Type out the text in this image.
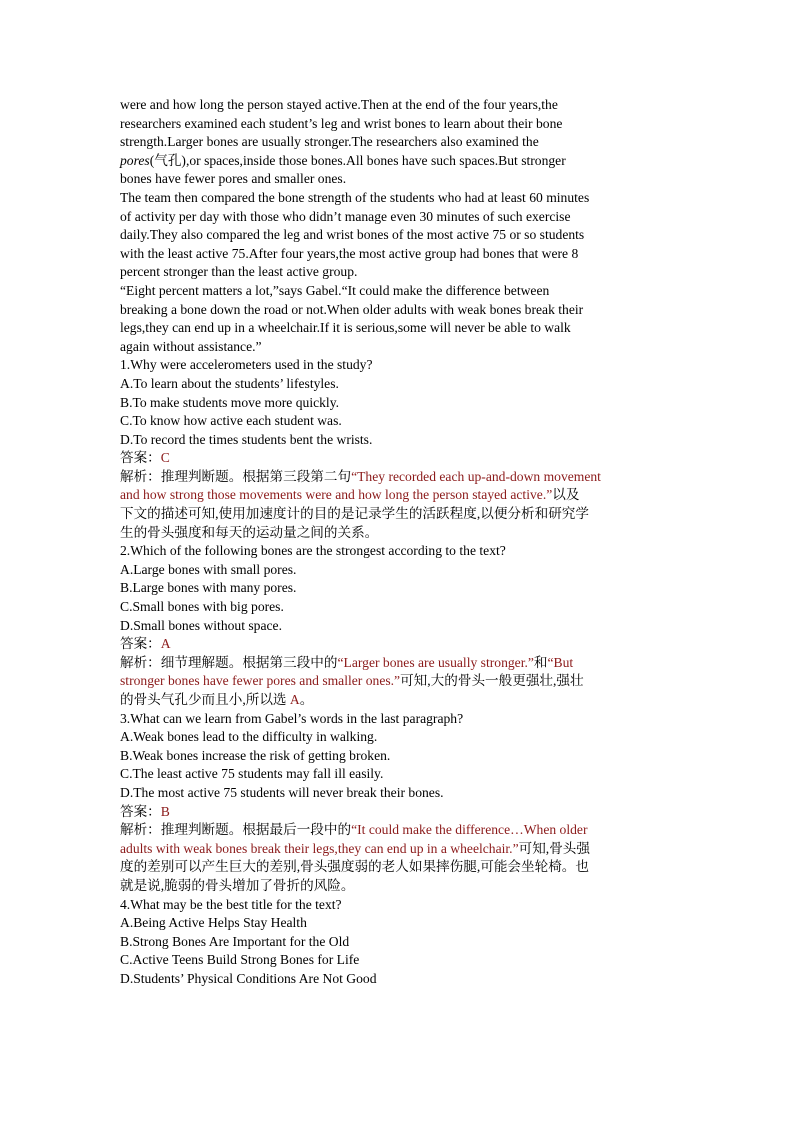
were and how long the person stayed active.Then at the end of the four years,the
researchers examined each student’s leg and wrist bones to learn about their bone
strength.Larger bones are usually stronger.The researchers also examined the
pores(气孔),or spaces,inside those bones.All bones have such spaces.But stronger
bones have fewer pores and smaller ones.
The team then compared the bone strength of the students who had at least 60 minutes
of activity per day with those who didn’t manage even 30 minutes of such exercise
daily.They also compared the leg and wrist bones of the most active 75 or so students
with the least active 75.After four years,the most active group had bones that were 8
percent stronger than the least active group.
“Eight percent matters a lot,”says Gabel.“It could make the difference between
breaking a bone down the road or not.When older adults with weak bones break their
legs,they can end up in a wheelchair.If it is serious,some will never be able to walk
again without assistance.”
1.Why were accelerometers used in the study?
A.To learn about the students’ lifestyles.
B.To make students move more quickly.
C.To know how active each student was.
D.To record the times students bent the wrists.
答案：C
解析：推理判断题。根据第三段第二句“They recorded each up-and-down movement
and how strong those movements were and how long the person stayed active.”以及
下文的描述可知,使用加速度计的目的是记录学生的活跃程度,以便分析和研究学
生的骨头强度和每天的运动量之间的关系。
2.Which of the following bones are the strongest according to the text?
A.Large bones with small pores.
B.Large bones with many pores.
C.Small bones with big pores.
D.Small bones without space.
答案：A
解析：细节理解题。根据第三段中的“Larger bones are usually stronger.”和“But
stronger bones have fewer pores and smaller ones.”可知,大的骨头一般更强壮,强壮
的骨头气孔少而且小,所以选 A。
3.What can we learn from Gabel’s words in the last paragraph?
A.Weak bones lead to the difficulty in walking.
B.Weak bones increase the risk of getting broken.
C.The least active 75 students may fall ill easily.
D.The most active 75 students will never break their bones.
答案：B
解析：推理判断题。根据最后一段中的“It could make the difference…When older
adults with weak bones break their legs,they can end up in a wheelchair.”可知,骨头强
度的差别可以产生巨大的差别,骨头强度弱的老人如果摔伤腿,可能会坐轮椅。也
就是说,脆弱的骨头增加了骨折的风险。
4.What may be the best title for the text?
A.Being Active Helps Stay Health
B.Strong Bones Are Important for the Old
C.Active Teens Build Strong Bones for Life
D.Students’ Physical Conditions Are Not Good
